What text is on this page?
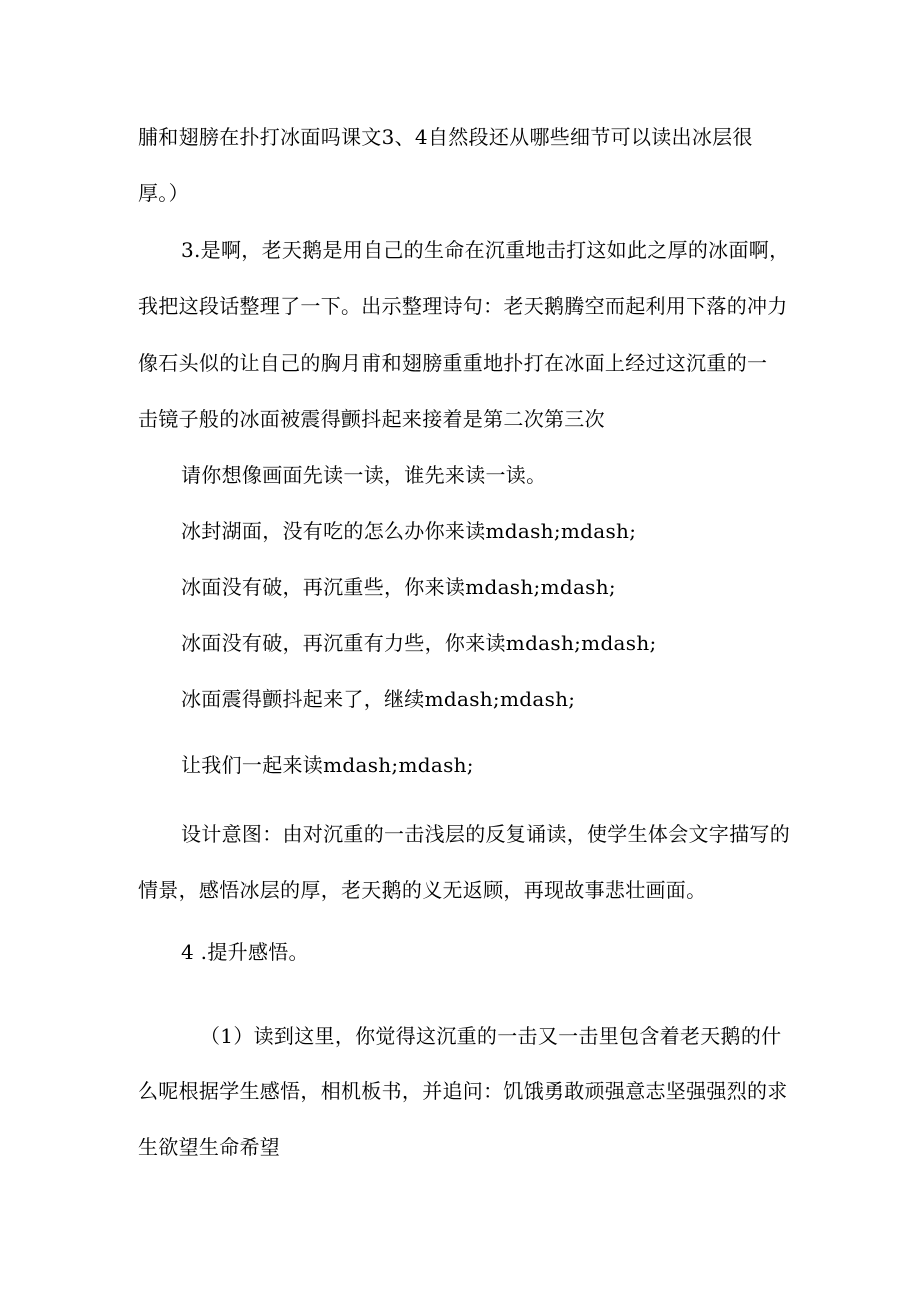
脯和翅膀在扑打冰面吗课文3、4自然段还从哪些细节可以读出冰层很
厚。）
3.是啊，老天鹅是用自己的生命在沉重地击打这如此之厚的冰面啊，
我把这段话整理了一下。出示整理诗句：老天鹅腾空而起利用下落的冲力
像石头似的让自己的胸月甫和翅膀重重地扑打在冰面上经过这沉重的一
击镜子般的冰面被震得颤抖起来接着是第二次第三次
请你想像画面先读一读，谁先来读一读。
冰封湖面，没有吃的怎么办你来读mdash;mdash;
冰面没有破，再沉重些，你来读mdash;mdash;
冰面没有破，再沉重有力些，你来读mdash;mdash;
冰面震得颤抖起来了，继续mdash;mdash;
让我们一起来读mdash;mdash;
设计意图：由对沉重的一击浅层的反复诵读，使学生体会文字描写的
情景，感悟冰层的厚，老天鹅的义无返顾，再现故事悲壮画面。
4 .提升感悟。
（1）读到这里，你觉得这沉重的一击又一击里包含着老天鹅的什
么呢根据学生感悟，相机板书，并追问：饥饿勇敢顽强意志坚强强烈的求
生欲望生命希望
